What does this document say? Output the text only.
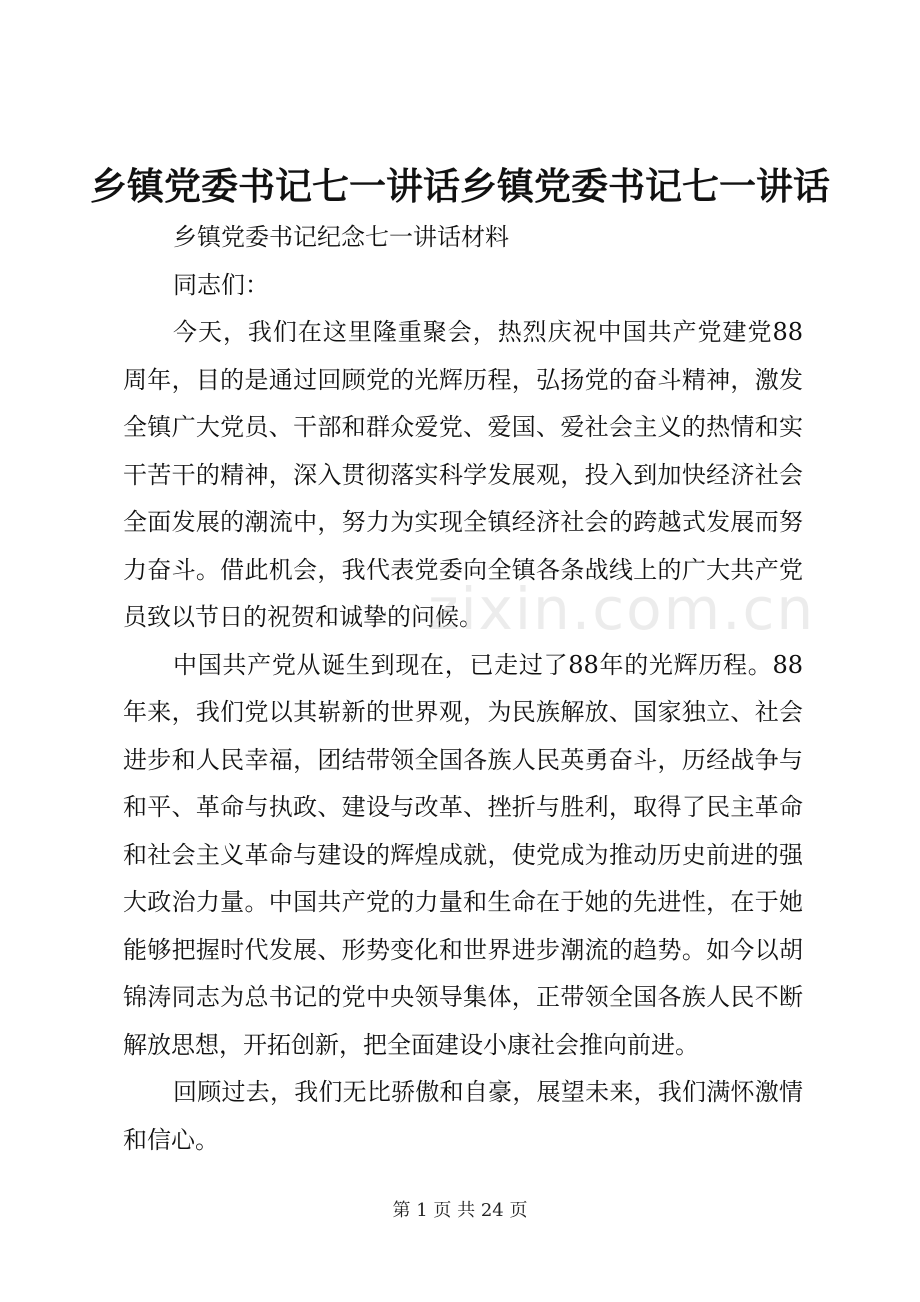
乡镇党委书记七一讲话乡镇党委书记七一讲话

乡镇党委书记纪念七一讲话材料

同志们：

今天，我们在这里隆重聚会，热烈庆祝中国共产党建党88周年，目的是通过回顾党的光辉历程，弘扬党的奋斗精神，激发全镇广大党员、干部和群众爱党、爱国、爱社会主义的热情和实干苦干的精神，深入贯彻落实科学发展观，投入到加快经济社会全面发展的潮流中，努力为实现全镇经济社会的跨越式发展而努力奋斗。借此机会，我代表党委向全镇各条战线上的广大共产党员致以节日的祝贺和诚挚的问候。

中国共产党从诞生到现在，已走过了88年的光辉历程。88年来，我们党以其崭新的世界观，为民族解放、国家独立、社会进步和人民幸福，团结带领全国各族人民英勇奋斗，历经战争与和平、革命与执政、建设与改革、挫折与胜利，取得了民主革命和社会主义革命与建设的辉煌成就，使党成为推动历史前进的强大政治力量。中国共产党的力量和生命在于她的先进性，在于她能够把握时代发展、形势变化和世界进步潮流的趋势。如今以胡锦涛同志为总书记的党中央领导集体，正带领全国各族人民不断解放思想，开拓创新，把全面建设小康社会推向前进。

回顾过去，我们无比骄傲和自豪，展望未来，我们满怀激情和信心。

zixin.com.cn
第 1 页 共 24 页
